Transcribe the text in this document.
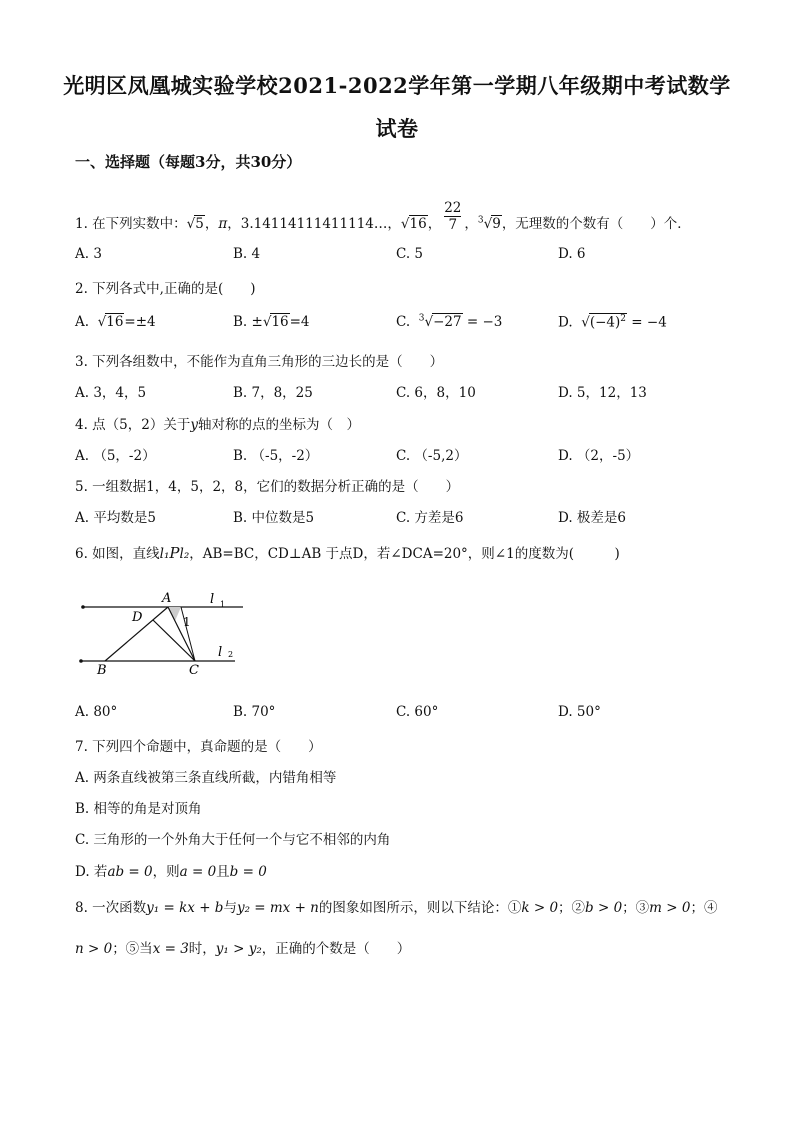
光明区凤凰城实验学校2021-2022学年第一学期八年级期中考试数学
试卷
一、选择题（每题3分，共30分）
1. 在下列实数中：√5，π，3.14114111411114…，√16， $\frac{22}{7}$ ，$^3$√9，无理数的个数有（　　）个．
A. 3	B. 4	C. 5	D. 6
2. 下列各式中,正确的是(　　)
A.  √16=±4	B. ±√16=4	C. $^3$√−27 = −3	D.  $√(-4)^2 = -4$
3. 下列各组数中，不能作为直角三角形的三边长的是（　　）
A. 3，4，5	B. 7，8，25	C. 6，8，10	D. 5，12，13
4. 点（5，2）关于y轴对称的点的坐标为（　）
A. （5，-2）	B. （-5，-2）	C. （-5,2）	D. （2，-5）
5. 一组数据1，4，5，2，8，它们的数据分析正确的是（　　）
A. 平均数是5	B. 中位数是5	C. 方差是6	D. 极差是6
6. 如图，直线l₁Pl₂，AB=BC，CD⊥AB 于点D，若∠DCA=20°，则∠1的度数为(　　　)
A
D	1
B	C
l 1
l 2
A. 80°	B. 70°	C. 60°	D. 50°
7. 下列四个命题中，真命题的是（　　）
A. 两条直线被第三条直线所截，内错角相等
B. 相等的角是对顶角
C. 三角形的一个外角大于任何一个与它不相邻的内角
D. 若ab = 0，则a = 0且b = 0
8. 一次函数y₁ = kx + b与y₂ = mx + n的图象如图所示，则以下结论：①k > 0；②b > 0；③m > 0；④
n > 0；⑤当x = 3时，y₁ > y₂，正确的个数是（　　）
